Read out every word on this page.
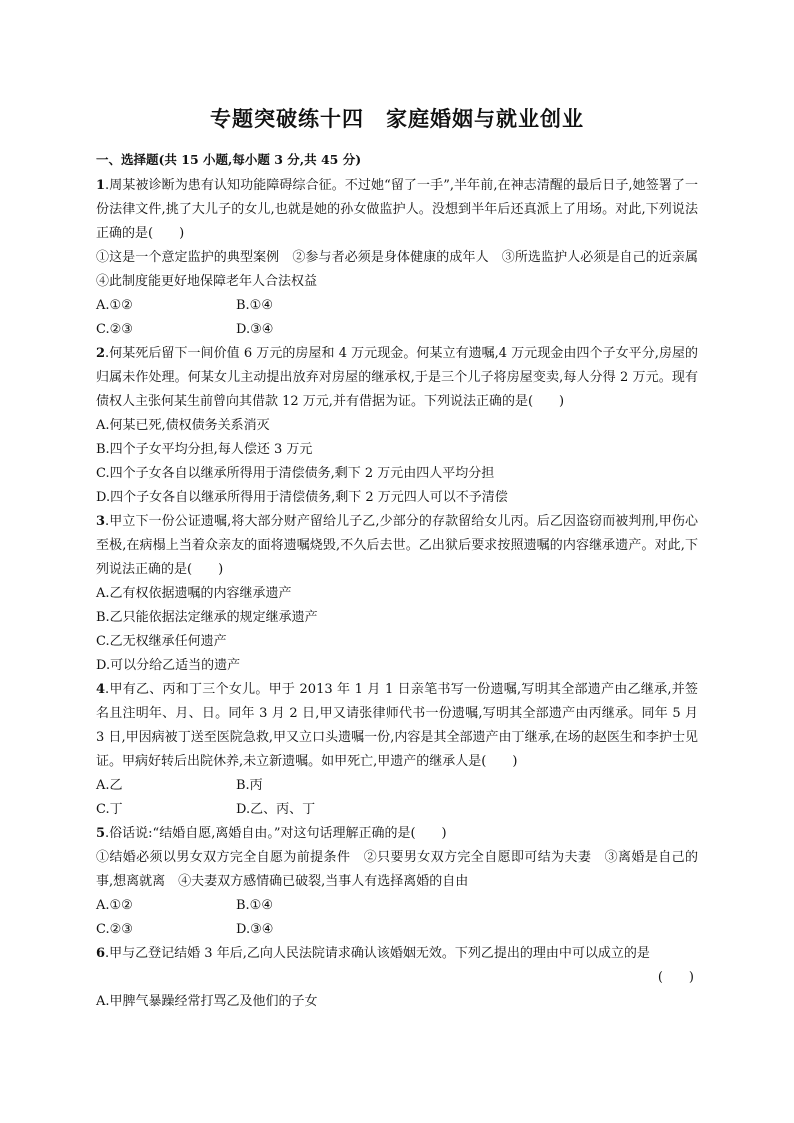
专题突破练十四　家庭婚姻与就业创业
一、选择题(共 15 小题,每小题 3 分,共 45 分)

1.周某被诊断为患有认知功能障碍综合征。不过她“留了一手”,半年前,在神志清醒的最后日子,她签署了一份法律文件,挑了大儿子的女儿,也就是她的孙女做监护人。没想到半年后还真派上了用场。对此,下列说法正确的是(　　)

①这是一个意定监护的典型案例　②参与者必须是身体健康的成年人　③所选监护人必须是自己的近亲属　④此制度能更好地保障老年人合法权益

A.①②	B.①④
C.②③	D.③④

2.何某死后留下一间价值 6 万元的房屋和 4 万元现金。何某立有遗嘱,4 万元现金由四个子女平分,房屋的归属未作处理。何某女儿主动提出放弃对房屋的继承权,于是三个儿子将房屋变卖,每人分得 2 万元。现有债权人主张何某生前曾向其借款 12 万元,并有借据为证。下列说法正确的是(　　)

A.何某已死,债权债务关系消灭

B.四个子女平均分担,每人偿还 3 万元

C.四个子女各自以继承所得用于清偿债务,剩下 2 万元由四人平均分担

D.四个子女各自以继承所得用于清偿债务,剩下 2 万元四人可以不予清偿

3.甲立下一份公证遗嘱,将大部分财产留给儿子乙,少部分的存款留给女儿丙。后乙因盗窃而被判刑,甲伤心至极,在病榻上当着众亲友的面将遗嘱烧毁,不久后去世。乙出狱后要求按照遗嘱的内容继承遗产。对此,下列说法正确的是(　　)

A.乙有权依据遗嘱的内容继承遗产

B.乙只能依据法定继承的规定继承遗产

C.乙无权继承任何遗产

D.可以分给乙适当的遗产

4.甲有乙、丙和丁三个女儿。甲于 2013 年 1 月 1 日亲笔书写一份遗嘱,写明其全部遗产由乙继承,并签名且注明年、月、日。同年 3 月 2 日,甲又请张律师代书一份遗嘱,写明其全部遗产由丙继承。同年 5 月 3 日,甲因病被丁送至医院急救,甲又立口头遗嘱一份,内容是其全部遗产由丁继承,在场的赵医生和李护士见证。甲病好转后出院休养,未立新遗嘱。如甲死亡,甲遗产的继承人是(　　)

A.乙	B.丙
C.丁	D.乙、丙、丁

5.俗话说:“结婚自愿,离婚自由。”对这句话理解正确的是(　　)

①结婚必须以男女双方完全自愿为前提条件　②只要男女双方完全自愿即可结为夫妻　③离婚是自己的事,想离就离　④夫妻双方感情确已破裂,当事人有选择离婚的自由

A.①②	B.①④
C.②③	D.③④

6.甲与乙登记结婚 3 年后,乙向人民法院请求确认该婚姻无效。下列乙提出的理由中可以成立的是

(　　)

A.甲脾气暴躁经常打骂乙及他们的子女
